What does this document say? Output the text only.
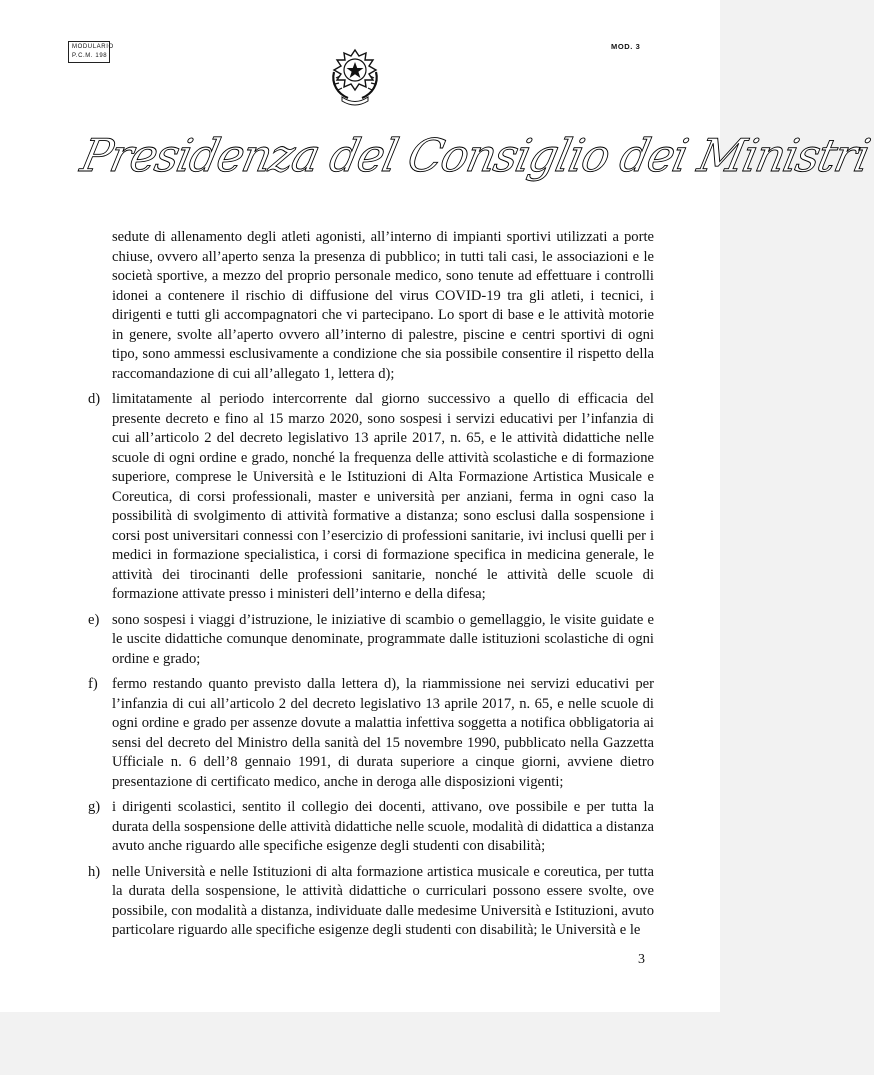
MODULARIO
P.C.M. 198
MOD. 3
Presidenza del Consiglio dei Ministri

sedute di allenamento degli atleti agonisti, all’interno di impianti sportivi utilizzati a porte chiuse, ovvero all’aperto senza la presenza di pubblico; in tutti tali casi, le associazioni e le società sportive, a mezzo del proprio personale medico, sono tenute ad effettuare i controlli idonei a contenere il rischio di diffusione del virus COVID-19 tra gli atleti, i tecnici, i dirigenti e tutti gli accompagnatori che vi partecipano. Lo sport di base e le attività motorie in genere, svolte all’aperto ovvero all’interno di palestre, piscine e centri sportivi di ogni tipo, sono ammessi esclusivamente a condizione che sia possibile consentire il rispetto della raccomandazione di cui all’allegato 1, lettera d);

d) limitatamente al periodo intercorrente dal giorno successivo a quello di efficacia del presente decreto e fino al 15 marzo 2020, sono sospesi i servizi educativi per l’infanzia di cui all’articolo 2 del decreto legislativo 13 aprile 2017, n. 65, e le attività didattiche nelle scuole di ogni ordine e grado, nonché la frequenza delle attività scolastiche e di formazione superiore, comprese le Università e le Istituzioni di Alta Formazione Artistica Musicale e Coreutica, di corsi professionali, master e università per anziani, ferma in ogni caso la possibilità di svolgimento di attività formative a distanza; sono esclusi dalla sospensione i corsi post universitari connessi con l’esercizio di professioni sanitarie, ivi inclusi quelli per i medici in formazione specialistica, i corsi di formazione specifica in medicina generale, le attività dei tirocinanti delle professioni sanitarie, nonché le attività delle scuole di formazione attivate presso i ministeri dell’interno e della difesa;
e) sono sospesi i viaggi d’istruzione, le iniziative di scambio o gemellaggio, le visite guidate e le uscite didattiche comunque denominate, programmate dalle istituzioni scolastiche di ogni ordine e grado;
f) fermo restando quanto previsto dalla lettera d), la riammissione nei servizi educativi per l’infanzia di cui all’articolo 2 del decreto legislativo 13 aprile 2017, n. 65, e nelle scuole di ogni ordine e grado per assenze dovute a malattia infettiva soggetta a notifica obbligatoria ai sensi del decreto del Ministro della sanità del 15 novembre 1990, pubblicato nella Gazzetta Ufficiale n. 6 dell’8 gennaio 1991, di durata superiore a cinque giorni, avviene dietro presentazione di certificato medico, anche in deroga alle disposizioni vigenti;
g) i dirigenti scolastici, sentito il collegio dei docenti, attivano, ove possibile e per tutta la durata della sospensione delle attività didattiche nelle scuole, modalità di didattica a distanza avuto anche riguardo alle specifiche esigenze degli studenti con disabilità;
h) nelle Università e nelle Istituzioni di alta formazione artistica musicale e coreutica, per tutta la durata della sospensione, le attività didattiche o curriculari possono essere svolte, ove possibile, con modalità a distanza, individuate dalle medesime Università e Istituzioni, avuto particolare riguardo alle specifiche esigenze degli studenti con disabilità; le Università e le
3
